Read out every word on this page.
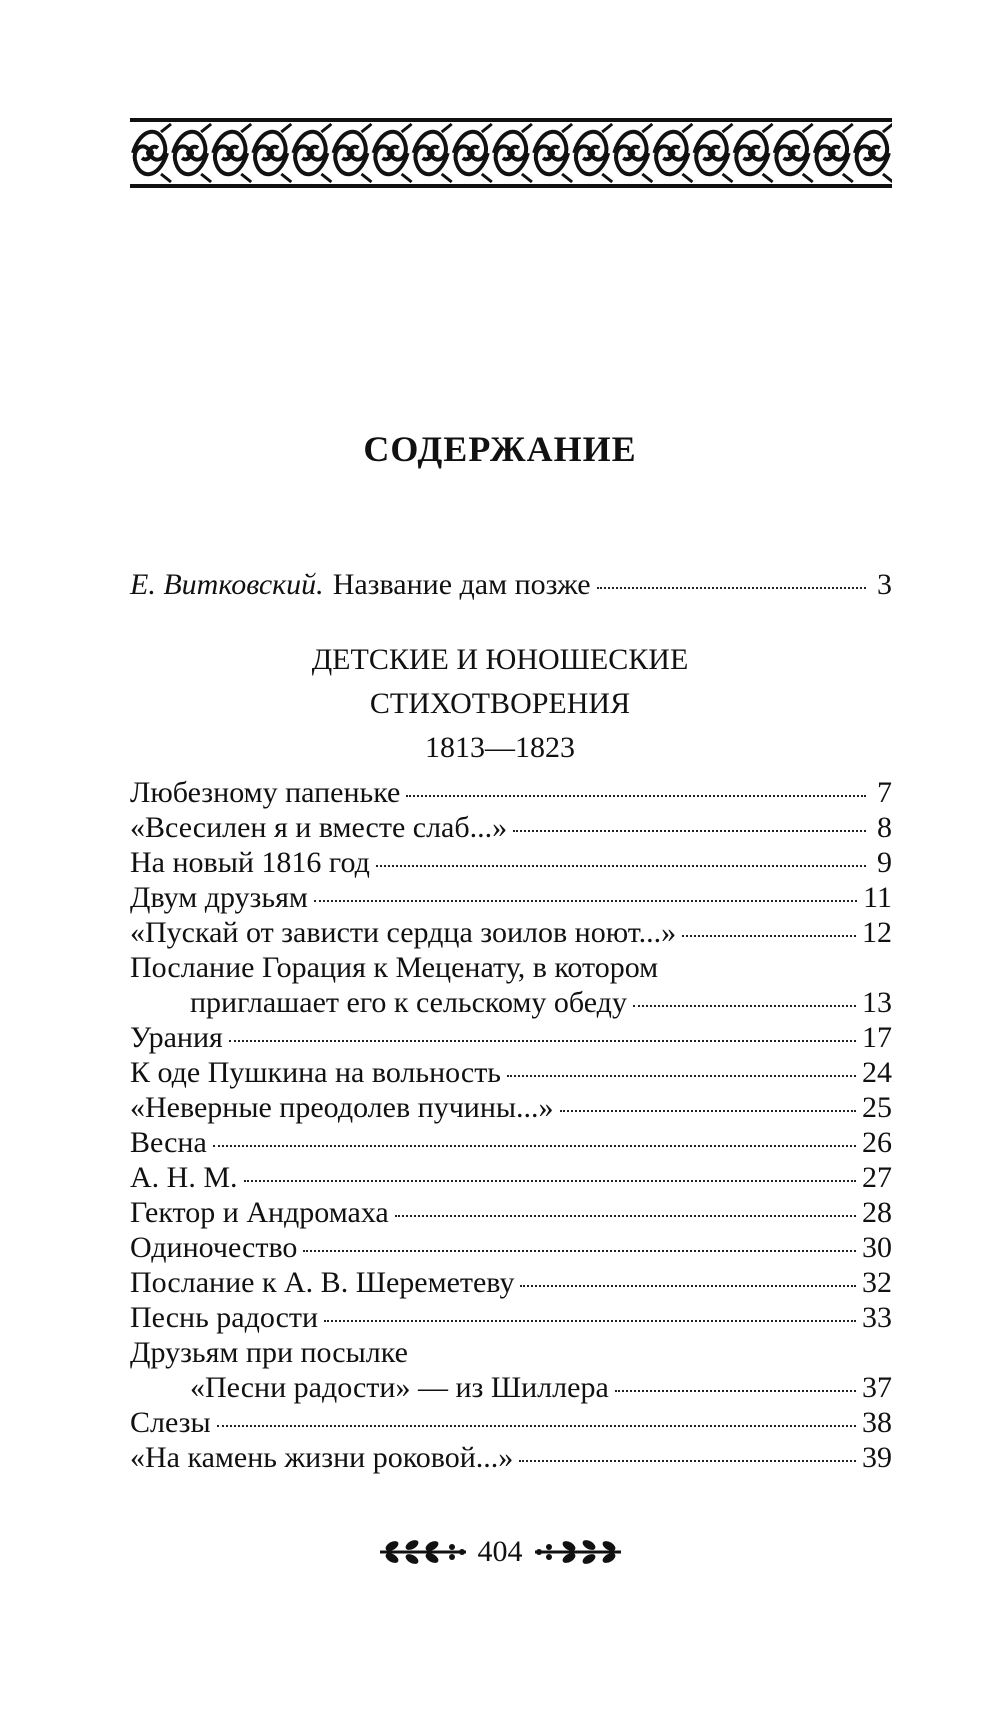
СОДЕРЖАНИЕ
Е. Витковский. Название дам позже	3
ДЕТСКИЕ И ЮНОШЕСКИЕ
СТИХОТВОРЕНИЯ
1813—1823
Любезному папеньке	7
«Всесилен я и вместе слаб...»	8
На новый 1816 год	9
Двум друзьям	11
«Пускай от зависти сердца зоилов ноют...»	12
Послание Горация к Меценату, в котором
приглашает его к сельскому обеду	13
Урания	17
К оде Пушкина на вольность	24
«Неверные преодолев пучины...»	25
Весна	26
А. Н. М.	27
Гектор и Андромаха	28
Одиночество	30
Послание к А. В. Шереметеву	32
Песнь радости	33
Друзьям при посылке
«Песни радости» — из Шиллера	37
Слезы	38
«На камень жизни роковой...»	39
404
